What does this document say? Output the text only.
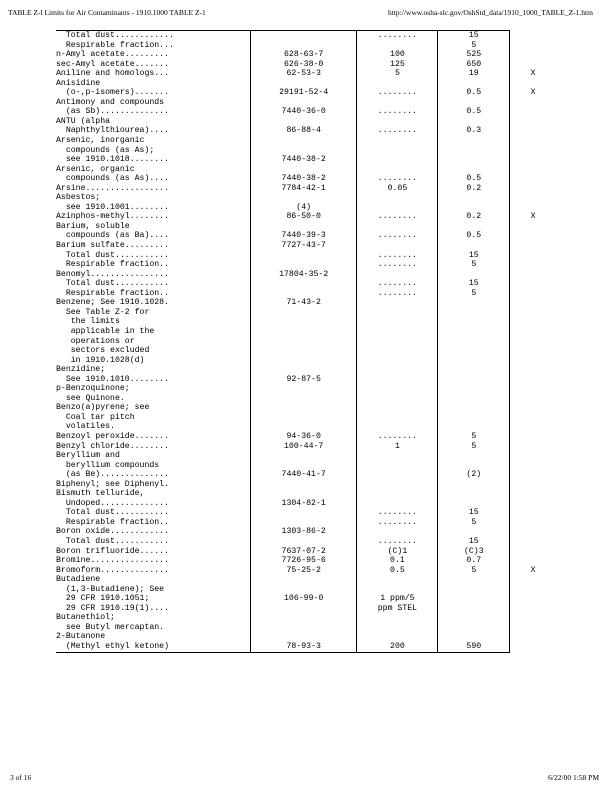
TABLE Z-l Limits for Air Contaminants - 1910.1000 TABLE Z-1	http://www.osha-slc.gov/OshStd_data/1910_1000_TABLE_Z-1.htm
Total dust............		........	15	
Respirable fraction...			5	
n-Amyl acetate.........	628-63-7	100	525	
sec-Amyl acetate.......	626-38-0	125	650	
Aniline and homologs...	62-53-3	5	19	X
Anisidine				
(o-,p-isomers).......	29191-52-4	........	0.5	X
Antimony and compounds				
(as Sb)..............	7440-36-0	........	0.5	
ANTU (alpha				
Naphthylthiourea)....	86-88-4	........	0.3	
Arsenic, inorganic				
compounds (as As);				
see 1910.1018........	7440-38-2			
Arsenic, organic				
compounds (as As)....	7440-38-2	........	0.5	
Arsine.................	7784-42-1	0.05	0.2	
Asbestos;				
see 1910.1001........	(4)			
Azinphos-methyl........	86-50-0	........	0.2	X
Barium, soluble				
compounds (as Ba)....	7440-39-3	........	0.5	
Barium sulfate.........	7727-43-7			
Total dust...........		........	15	
Respirable fraction..		........	5	
Benomyl................	17804-35-2			
Total dust...........		........	15	
Respirable fraction..		........	5	
Benzene; See 1910.1028.	71-43-2			
See Table Z-2 for				
the limits				
applicable in the				
operations or				
sectors excluded				
in 1910.1028(d)				
Benzidine;				
See 1910.1010........	92-87-5			
p-Benzoquinone;				
see Quinone.				
Benzo(a)pyrene; see				
Coal tar pitch				
volatiles.				
Benzoyl peroxide.......	94-36-0	........	5	
Benzyl chloride........	100-44-7	1	5	
Beryllium and				
beryllium compounds				
(as Be)..............	7440-41-7		(2)	
Biphenyl; see Diphenyl.				
Bismuth telluride,				
Undoped..............	1304-82-1			
Total dust...........		........	15	
Respirable fraction..		........	5	
Boron oxide............	1303-86-2			
Total dust...........		........	15	
Boron trifluoride......	7637-07-2	(C)1	(C)3	
Bromine................	7726-95-6	0.1	0.7	
Bromoform..............	75-25-2	0.5	5	X
Butadiene				
(1,3-Butadiene); See				
29 CFR 1910.1051;	106-99-0	1 ppm/5		
29 CFR 1910.19(1)....		ppm STEL		
Butanethiol;				
see Butyl mercaptan.				
2-Butanone				
(Methyl ethyl ketone)	78-93-3	200	590	
3 of 16	6/22/00 1:58 PM
